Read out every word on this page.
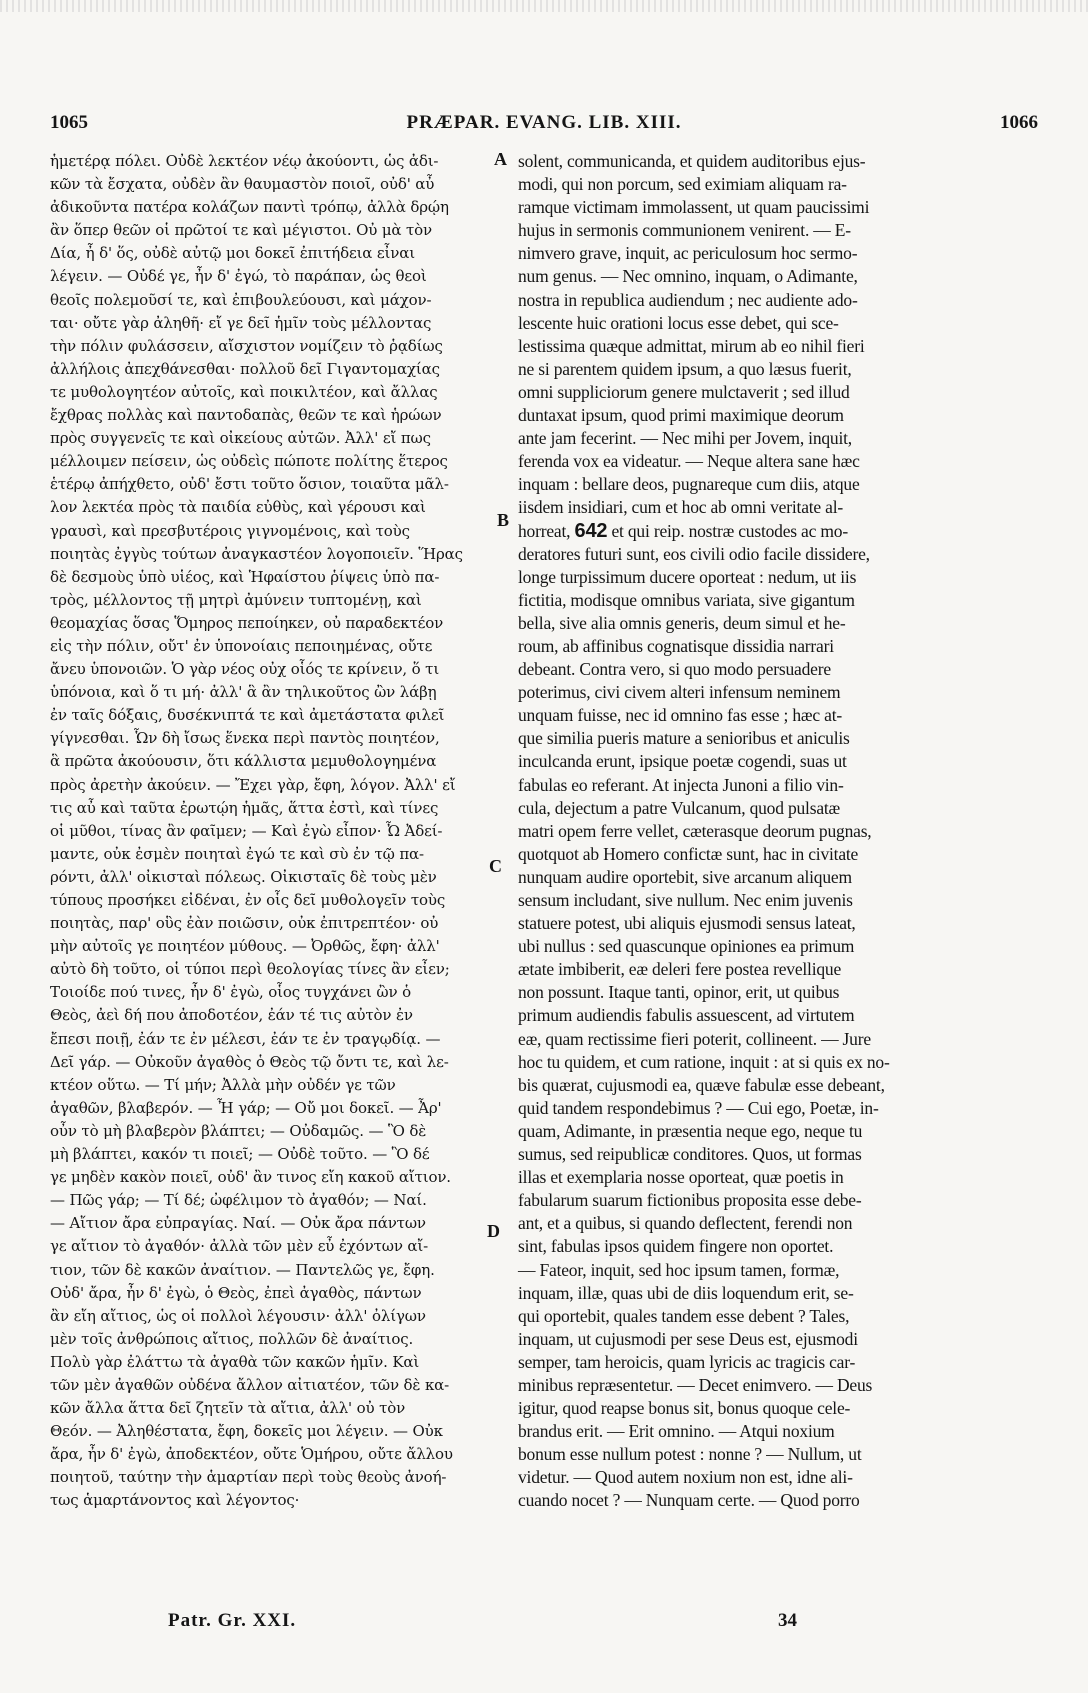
1065	PRÆPAR. EVANG. LIB. XIII.	1066
ἡμετέρᾳ πόλει. Οὐδὲ λεκτέον νέῳ ἀκούοντι, ὡς ἀδι-
κῶν τὰ ἔσχατα, οὐδὲν ἂν θαυμαστὸν ποιοῖ, οὐδ' αὖ
ἀδικοῦντα πατέρα κολάζων παντὶ τρόπῳ, ἀλλὰ δρῴη
ἂν ὅπερ θεῶν οἱ πρῶτοί τε καὶ μέγιστοι. Οὐ μὰ τὸν
Δία, ἦ δ' ὅς, οὐδὲ αὐτῷ μοι δοκεῖ ἐπιτήδεια εἶναι
λέγειν. — Οὐδέ γε, ἦν δ' ἐγώ, τὸ παράπαν, ὡς θεοὶ
θεοῖς πολεμοῦσί τε, καὶ ἐπιβουλεύουσι, καὶ μάχον-
ται· οὔτε γὰρ ἀληθῆ· εἴ γε δεῖ ἡμῖν τοὺς μέλλοντας
τὴν πόλιν φυλάσσειν, αἴσχιστον νομίζειν τὸ ῥᾳδίως
ἀλλήλοις ἀπεχθάνεσθαι· πολλοῦ δεῖ Γιγαντομαχίας
τε μυθολογητέον αὐτοῖς, καὶ ποικιλτέον, καὶ ἄλλας
ἔχθρας πολλὰς καὶ παντοδαπὰς, θεῶν τε καὶ ἡρώων
πρὸς συγγενεῖς τε καὶ οἰκείους αὐτῶν. Ἀλλ' εἴ πως
μέλλοιμεν πείσειν, ὡς οὐδεὶς πώποτε πολίτης ἕτερος
ἑτέρῳ ἀπήχθετο, οὐδ' ἔστι τοῦτο ὅσιον, τοιαῦτα μᾶλ-
λον λεκτέα πρὸς τὰ παιδία εὐθὺς, καὶ γέρουσι καὶ
γραυσὶ, καὶ πρεσβυτέροις γιγνομένοις, καὶ τοὺς
ποιητὰς ἐγγὺς τούτων ἀναγκαστέον λογοποιεῖν. Ἥρας
δὲ δεσμοὺς ὑπὸ υἱέος, καὶ Ἡφαίστου ῥίψεις ὑπὸ πα-
τρὸς, μέλλοντος τῇ μητρὶ ἀμύνειν τυπτομένῃ, καὶ
θεομαχίας ὅσας Ὅμηρος πεποίηκεν, οὐ παραδεκτέον
εἰς τὴν πόλιν, οὔτ' ἐν ὑπονοίαις πεποιημένας, οὔτε
ἄνευ ὑπονοιῶν. Ὁ γὰρ νέος οὐχ οἷός τε κρίνειν, ὅ τι
ὑπόνοια, καὶ ὅ τι μή· ἀλλ' ἃ ἂν τηλικοῦτος ὢν λάβῃ
ἐν ταῖς δόξαις, δυσέκνιπτά τε καὶ ἀμετάστατα φιλεῖ
γίγνεσθαι. Ὧν δὴ ἴσως ἕνεκα περὶ παντὸς ποιητέον,
ἃ πρῶτα ἀκούουσιν, ὅτι κάλλιστα μεμυθολογημένα
πρὸς ἀρετὴν ἀκούειν. — Ἔχει γὰρ, ἔφη, λόγον. Ἀλλ' εἴ
τις αὖ καὶ ταῦτα ἐρωτῴη ἡμᾶς, ἅττα ἐστὶ, καὶ τίνες
οἱ μῦθοι, τίνας ἂν φαῖμεν; — Καὶ ἐγὼ εἶπον· Ὦ Ἀδεί-
μαντε, οὐκ ἐσμὲν ποιηταὶ ἐγώ τε καὶ σὺ ἐν τῷ πα-
ρόντι, ἀλλ' οἰκισταὶ πόλεως. Οἰκισταῖς δὲ τοὺς μὲν
τύπους προσήκει εἰδέναι, ἐν οἷς δεῖ μυθολογεῖν τοὺς
ποιητὰς, παρ' οὓς ἐὰν ποιῶσιν, οὐκ ἐπιτρεπτέον· οὐ
μὴν αὐτοῖς γε ποιητέον μύθους. — Ὀρθῶς, ἔφη· ἀλλ'
αὐτὸ δὴ τοῦτο, οἱ τύποι περὶ θεολογίας τίνες ἂν εἶεν;
Τοιοίδε πού τινες, ἦν δ' ἐγὼ, οἷος τυγχάνει ὢν ὁ
Θεὸς, ἀεὶ δή που ἀποδοτέον, ἐάν τέ τις αὐτὸν ἐν
ἔπεσι ποιῇ, ἐάν τε ἐν μέλεσι, ἐάν τε ἐν τραγῳδίᾳ. —
Δεῖ γάρ. — Οὐκοῦν ἀγαθὸς ὁ Θεὸς τῷ ὄντι τε, καὶ λε-
κτέον οὕτω. — Τί μήν; Ἀλλὰ μὴν οὐδέν γε τῶν
ἀγαθῶν, βλαβερόν. — Ἦ γάρ; — Οὔ μοι δοκεῖ. — Ἆρ'
οὖν τὸ μὴ βλαβερὸν βλάπτει; — Οὐδαμῶς. — Ὃ δὲ
μὴ βλάπτει, κακόν τι ποιεῖ; — Οὐδὲ τοῦτο. — Ὃ δέ
γε μηδὲν κακὸν ποιεῖ, οὐδ' ἂν τινος εἴη κακοῦ αἴτιον.
— Πῶς γάρ; — Τί δέ; ὠφέλιμον τὸ ἀγαθόν; — Ναί.
— Αἴτιον ἄρα εὐπραγίας. Ναί. — Οὐκ ἄρα πάντων
γε αἴτιον τὸ ἀγαθόν· ἀλλὰ τῶν μὲν εὖ ἐχόντων αἴ-
τιον, τῶν δὲ κακῶν ἀναίτιον. — Παντελῶς γε, ἔφη.
Οὐδ' ἄρα, ἦν δ' ἐγὼ, ὁ Θεὸς, ἐπεὶ ἀγαθὸς, πάντων
ἂν εἴη αἴτιος, ὡς οἱ πολλοὶ λέγουσιν· ἀλλ' ὀλίγων
μὲν τοῖς ἀνθρώποις αἴτιος, πολλῶν δὲ ἀναίτιος.
Πολὺ γὰρ ἐλάττω τὰ ἀγαθὰ τῶν κακῶν ἡμῖν. Καὶ
τῶν μὲν ἀγαθῶν οὐδένα ἄλλον αἰτιατέον, τῶν δὲ κα-
κῶν ἄλλα ἅττα δεῖ ζητεῖν τὰ αἴτια, ἀλλ' οὐ τὸν
Θεόν. — Ἀληθέστατα, ἔφη, δοκεῖς μοι λέγειν. — Οὐκ
ἄρα, ἦν δ' ἐγὼ, ἀποδεκτέον, οὔτε Ὁμήρου, οὔτε ἄλλου
ποιητοῦ, ταύτην τὴν ἁμαρτίαν περὶ τοὺς θεοὺς ἀνοή-
τως ἁμαρτάνοντος καὶ λέγοντος·
solent, communicanda, et quidem auditoribus ejus-
modi, qui non porcum, sed eximiam aliquam ra-
ramque victimam immolassent, ut quam paucissimi
hujus in sermonis communionem venirent. — E-
nimvero grave, inquit, ac periculosum hoc sermo-
num genus. — Nec omnino, inquam, o Adimante,
nostra in republica audiendum ; nec audiente ado-
lescente huic orationi locus esse debet, qui sce-
lestissima quæque admittat, mirum ab eo nihil fieri
ne si parentem quidem ipsum, a quo læsus fuerit,
omni suppliciorum genere mulctaverit ; sed illud
duntaxat ipsum, quod primi maximique deorum
ante jam fecerint. — Nec mihi per Jovem, inquit,
ferenda vox ea videatur. — Neque altera sane hæc
inquam : bellare deos, pugnareque cum diis, atque
iisdem insidiari, cum et hoc ab omni veritate al-
horreat, 642 et qui reip. nostræ custodes ac mo-
deratores futuri sunt, eos civili odio facile dissidere,
longe turpissimum ducere oporteat : nedum, ut iis
fictitia, modisque omnibus variata, sive gigantum
bella, sive alia omnis generis, deum simul et he-
roum, ab affinibus cognatisque dissidia narrari
debeant. Contra vero, si quo modo persuadere
poterimus, civi civem alteri infensum neminem
unquam fuisse, nec id omnino fas esse ; hæc at-
que similia pueris mature a senioribus et aniculis
inculcanda erunt, ipsique poetæ cogendi, suas ut
fabulas eo referant. At injecta Junoni a filio vin-
cula, dejectum a patre Vulcanum, quod pulsatæ
matri opem ferre vellet, cæterasque deorum pugnas,
quotquot ab Homero confictæ sunt, hac in civitate
nunquam audire oportebit, sive arcanum aliquem
sensum includant, sive nullum. Nec enim juvenis
statuere potest, ubi aliquis ejusmodi sensus lateat,
ubi nullus : sed quascunque opiniones ea primum
ætate imbiberit, eæ deleri fere postea revellique
non possunt. Itaque tanti, opinor, erit, ut quibus
primum audiendis fabulis assuescent, ad virtutem
eæ, quam rectissime fieri poterit, collineent. — Jure
hoc tu quidem, et cum ratione, inquit : at si quis ex no-
bis quærat, cujusmodi ea, quæve fabulæ esse debeant,
quid tandem respondebimus ? — Cui ego, Poetæ, in-
quam, Adimante, in præsentia neque ego, neque tu
sumus, sed reipublicæ conditores. Quos, ut formas
illas et exemplaria nosse oporteat, quæ poetis in
fabularum suarum fictionibus proposita esse debe-
ant, et a quibus, si quando deflectent, ferendi non
sint, fabulas ipsos quidem fingere non oportet.
— Fateor, inquit, sed hoc ipsum tamen, formæ,
inquam, illæ, quas ubi de diis loquendum erit, se-
qui oportebit, quales tandem esse debent ? Tales,
inquam, ut cujusmodi per sese Deus est, ejusmodi
semper, tam heroicis, quam lyricis ac tragicis car-
minibus repræsentetur. — Decet enimvero. — Deus
igitur, quod reapse bonus sit, bonus quoque cele-
brandus erit. — Erit omnino. — Atqui noxium
bonum esse nullum potest : nonne ? — Nullum, ut
videtur. — Quod autem noxium non est, idne ali-
cuando nocet ? — Nunquam certe. — Quod porro
A
B
C
D
Patr. Gr. XXI.	34
